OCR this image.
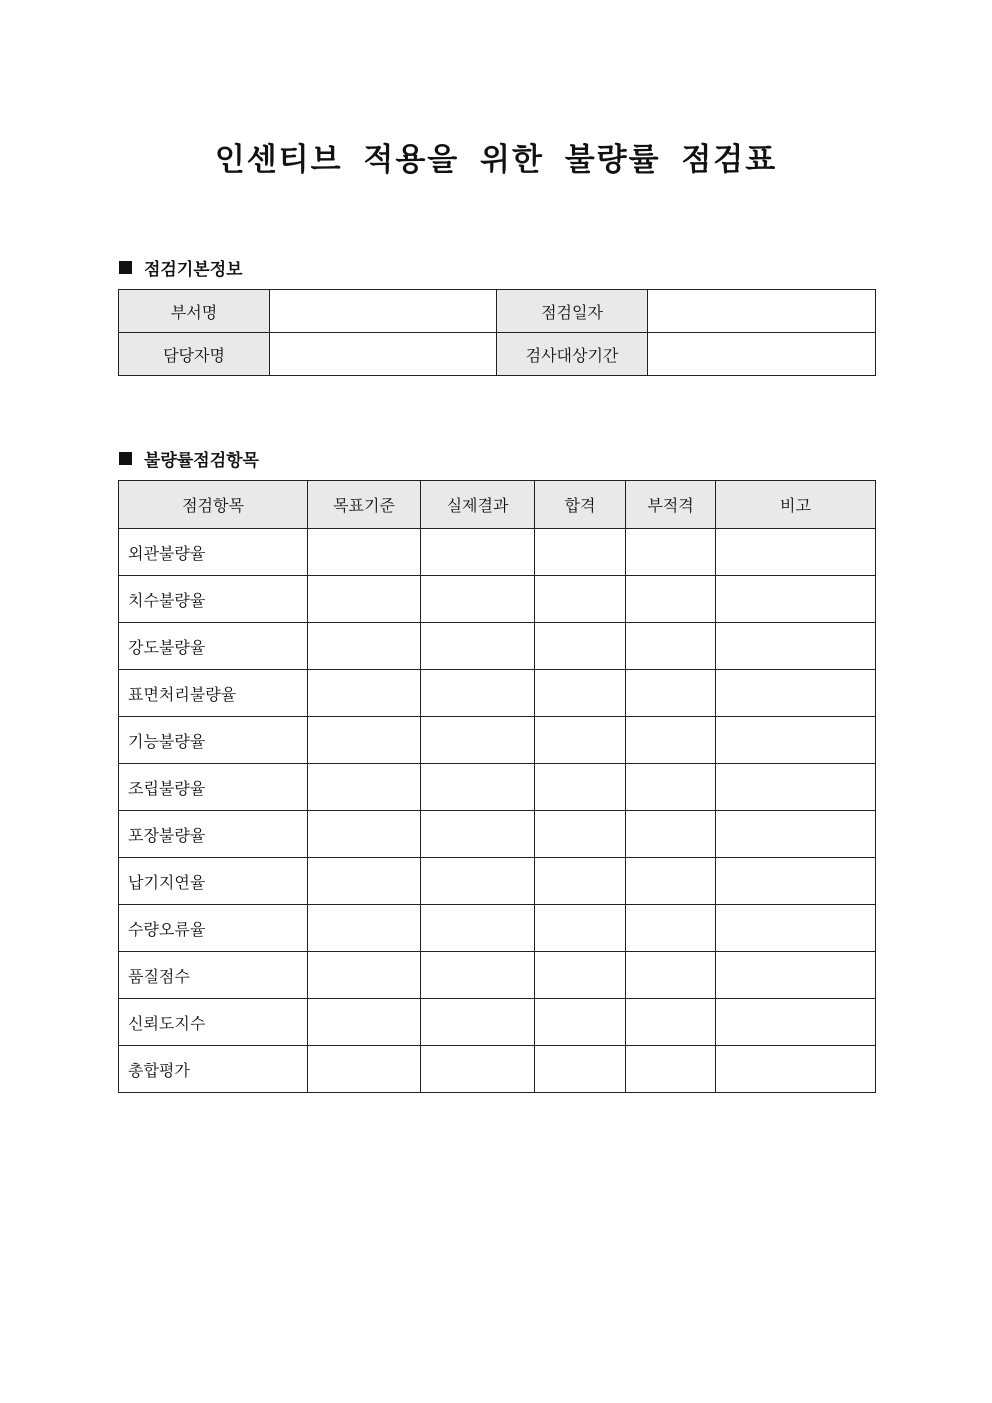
인센티브 적용을 위한 불량률 점검표
점검기본정보
부서명		점검일자	
담당자명		검사대상기간	
불량률점검항목
점검항목	목표기준	실제결과	합격	부적격	비고
외관불량율					
치수불량율					
강도불량율					
표면처리불량율					
기능불량율					
조립불량율					
포장불량율					
납기지연율					
수량오류율					
품질점수					
신뢰도지수					
총합평가					
